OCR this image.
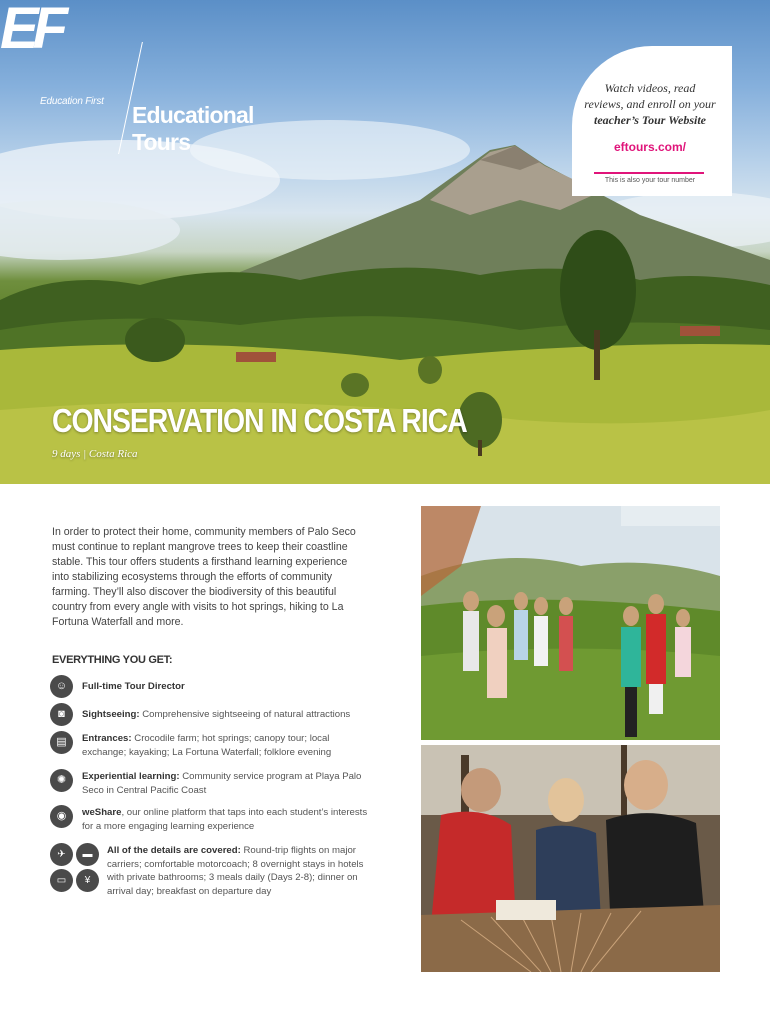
EF
Education First
Educational
Tours
Watch videos, read
reviews, and enroll on your
teacher’s Tour Website
eftours.com/
This is also your tour number
CONSERVATION IN COSTA RICA
9 days | Costa Rica
In order to protect their home, community members of Palo Seco must continue to replant mangrove trees to keep their coastline stable. This tour offers students a firsthand learning experience into stabilizing ecosystems through the efforts of community farming. They’ll also discover the biodiversity of this beautiful country from every angle with visits to hot springs, hiking to La Fortuna Waterfall and more.
EVERYTHING YOU GET:
☺	Full-time Tour Director
◙	Sightseeing: Comprehensive sightseeing of natural attractions
▤	Entrances: Crocodile farm; hot springs; canopy tour; local exchange; kayaking; La Fortuna Waterfall; folklore evening
✺	Experiential learning: Community service program at Playa Palo Seco in Central Pacific Coast
◉	weShare, our online platform that taps into each student’s interests for a more engaging learning experience
✈	▬
▭	¥
All of the details are covered: Round-trip flights on major carriers; comfortable motorcoach; 8 overnight stays in hotels with private bathrooms; 3 meals daily (Days 2-8); dinner on arrival day; breakfast on departure day
